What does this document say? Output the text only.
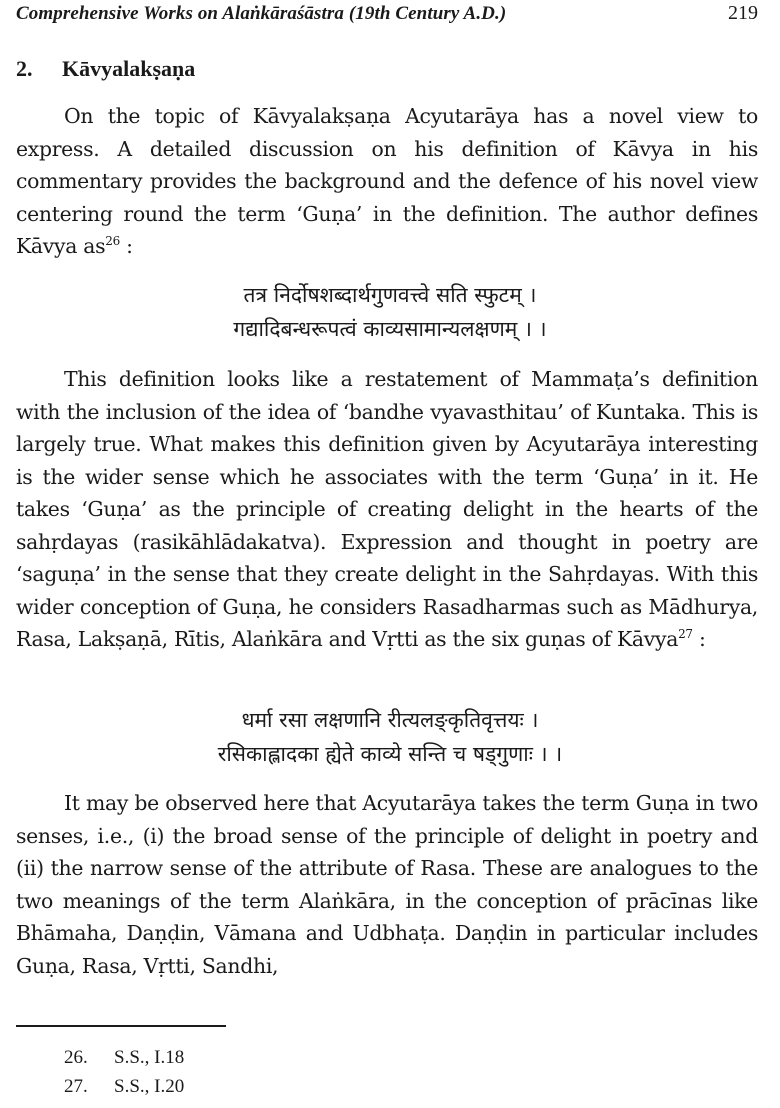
Comprehensive Works on Alaṅkāraśāstra (19th Century A.D.)	219
2. Kāvyalakṣaṇa

On the topic of Kāvyalakṣaṇa Acyutarāya has a novel view to express. A detailed discussion on his definition of Kāvya in his commentary provides the background and the defence of his novel view centering round the term ‘Guṇa’ in the definition. The author defines Kāvya $as^{26}$ :

तत्र निर्दोषशब्दार्थगुणवत्त्वे सति स्फुटम् ।
गद्यादिबन्धरूपत्वं काव्यसामान्यलक्षणम् । ।

This definition looks like a restatement of Mammaṭa’s definition with the inclusion of the idea of ‘bandhe vyavasthitau’ of Kuntaka. This is largely true. What makes this definition given by Acyutarāya interesting is the wider sense which he associates with the term ‘Guṇa’ in it. He takes ‘Guṇa’ as the principle of creating delight in the hearts of the sahṛdayas (rasikāhlādakatva). Expression and thought in poetry are ‘saguṇa’ in the sense that they create delight in the Sahṛdayas. With this wider conception of Guṇa, he considers Rasadharmas such as Mādhurya, Rasa, Lakṣaṇā, Rītis, Alaṅkāra and Vṛtti as the six guṇas of Kāvya$^{27}$ :

धर्मा रसा लक्षणानि रीत्यलङ्कृतिवृत्तयः ।
रसिकाह्लादका ह्येते काव्ये सन्ति च षड्गुणाः । ।

It may be observed here that Acyutarāya takes the term Guṇa in two senses, i.e., (i) the broad sense of the principle of delight in poetry and (ii) the narrow sense of the attribute of Rasa. These are analogues to the two meanings of the term Alaṅkāra, in the conception of prācīnas like Bhāmaha, Daṇḍin, Vāmana and Udbhaṭa. Daṇḍin in particular includes Guṇa, Rasa, Vṛtti, Sandhi,

26. S.S., I.18
27. S.S., I.20
